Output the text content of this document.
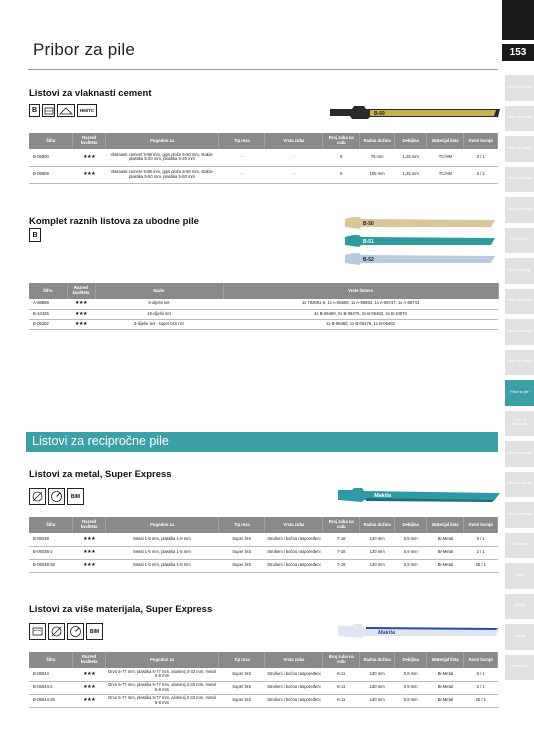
Pribor za pile	153
Bušenje/ izbijanje
Pribor za bušenje
Pribor za rezanje
Pribor za glodanje
Pribor za brušenje
Pribor za vrt
Pribor za blanje
Pribor za spajanje
Pribor za odvijanje
Pribor za rezanje
Pribor za pile
Pribor za pjeskarenje
Pribor za poliranje
Pribor za čišćenje
Pribor za mjerenje
Ostali pribor
Ostalo
Baterije
Oprema
Pribor kutije
Listovi za vlaknasti cement
B	HM/TC
B-69
Šifra	Razred kvaliteta	Pogodno za	Tip reza	Vrsta zuba	Broj zuba na colu	Radna dužina	Debljina	Materijal lista	Kom/ kompl
B-06800	★★★	Vlaknasti cement 5-98 mm, gips ploče 5-50 mm, staklo-plastika 5-20 mm, plastika 5-20 mm	-	-	6	75 mm	1,25 mm	TC/HM	3 / 1
B-06809	★★★	Vlaknasti cement 5-98 mm, gips ploče 5-50 mm, staklo-plastika 5-50 mm, plastika 5-50 mm	-	-	6	105 mm	1,25 mm	TC/HM	3 / 1
Komplet raznih listova za ubodne pile
B
B-50
B-51
B-52
Šifra	Razred kvaliteta	Naziv	Vrste listova
A-86898	★★★	5-dijelni set	1x 792691-8, 1x A-85658, 1x A-85684, 1x A-85737, 1x A-85743
B-44426	★★★	10-dijelni set	4x B-06460, 2x B-06476, 2x B-06482, 2x B-10970
B-06292	★★★	3-dijelni set - super brzi rez	1x B-06460, 1x B-06476, 1x B-06482
Listovi za recipročne pile
Listovi za metal, Super Express
BIM	Makita
Šifra	Razred kvaliteta	Pogodno za	Tip reza	Vrsta zuba	Broj zuba na colu	Radna dužina	Debljina	Materijal lista	Kom/ kompl
B-05038	★★★	Metal 1-8 mm, plastika 1-8 mm	Super brzi	Strušeni i bočno raspoređeni	7-18	130 mm	0,9 mm	Bi-Metal	5 / 1
B-05038-2	★★★	Metal 1-8 mm, plastika 1-8 mm	Super brzi	Strušeni i bočno raspoređeni	7-18	130 mm	0,9 mm	Bi-Metal	2 / 1
B-05038-25	★★★	Metal 1-8 mm, plastika 1-8 mm	Super brzi	Strušeni i bočno raspoređeni	7-18	130 mm	0,9 mm	Bi-Metal	25 / 1
Listovi za više materijala, Super Express
BIM	Makita
Šifra	Razred kvaliteta	Pogodno za	Tip reza	Vrsta zuba	Broj zuba na colu	Radna dužina	Debljina	Materijal lista	Kom/ kompl
B-05044	★★★	Drvo 5-77 mm, plastika 5-77 mm, aluminij 3-33 mm, metal 5-8 mm	Super brzi	Strušeni i bočno raspoređeni	6-11	130 mm	0,9 mm	Bi-Metal	5 / 1
B-05044-2	★★★	Drvo 5-77 mm, plastika 5-77 mm, aluminij 3-33 mm, metal 5-8 mm	Super brzi	Strušeni i bočno raspoređeni	6-11	130 mm	0,9 mm	Bi-Metal	2 / 1
B-05044-25	★★★	Drvo 5-77 mm, plastika 5-77 mm, aluminij 3-33 mm, metal 5-8 mm	Super brzi	Strušeni i bočno raspoređeni	6-11	130 mm	0,9 mm	Bi-Metal	25 / 1
